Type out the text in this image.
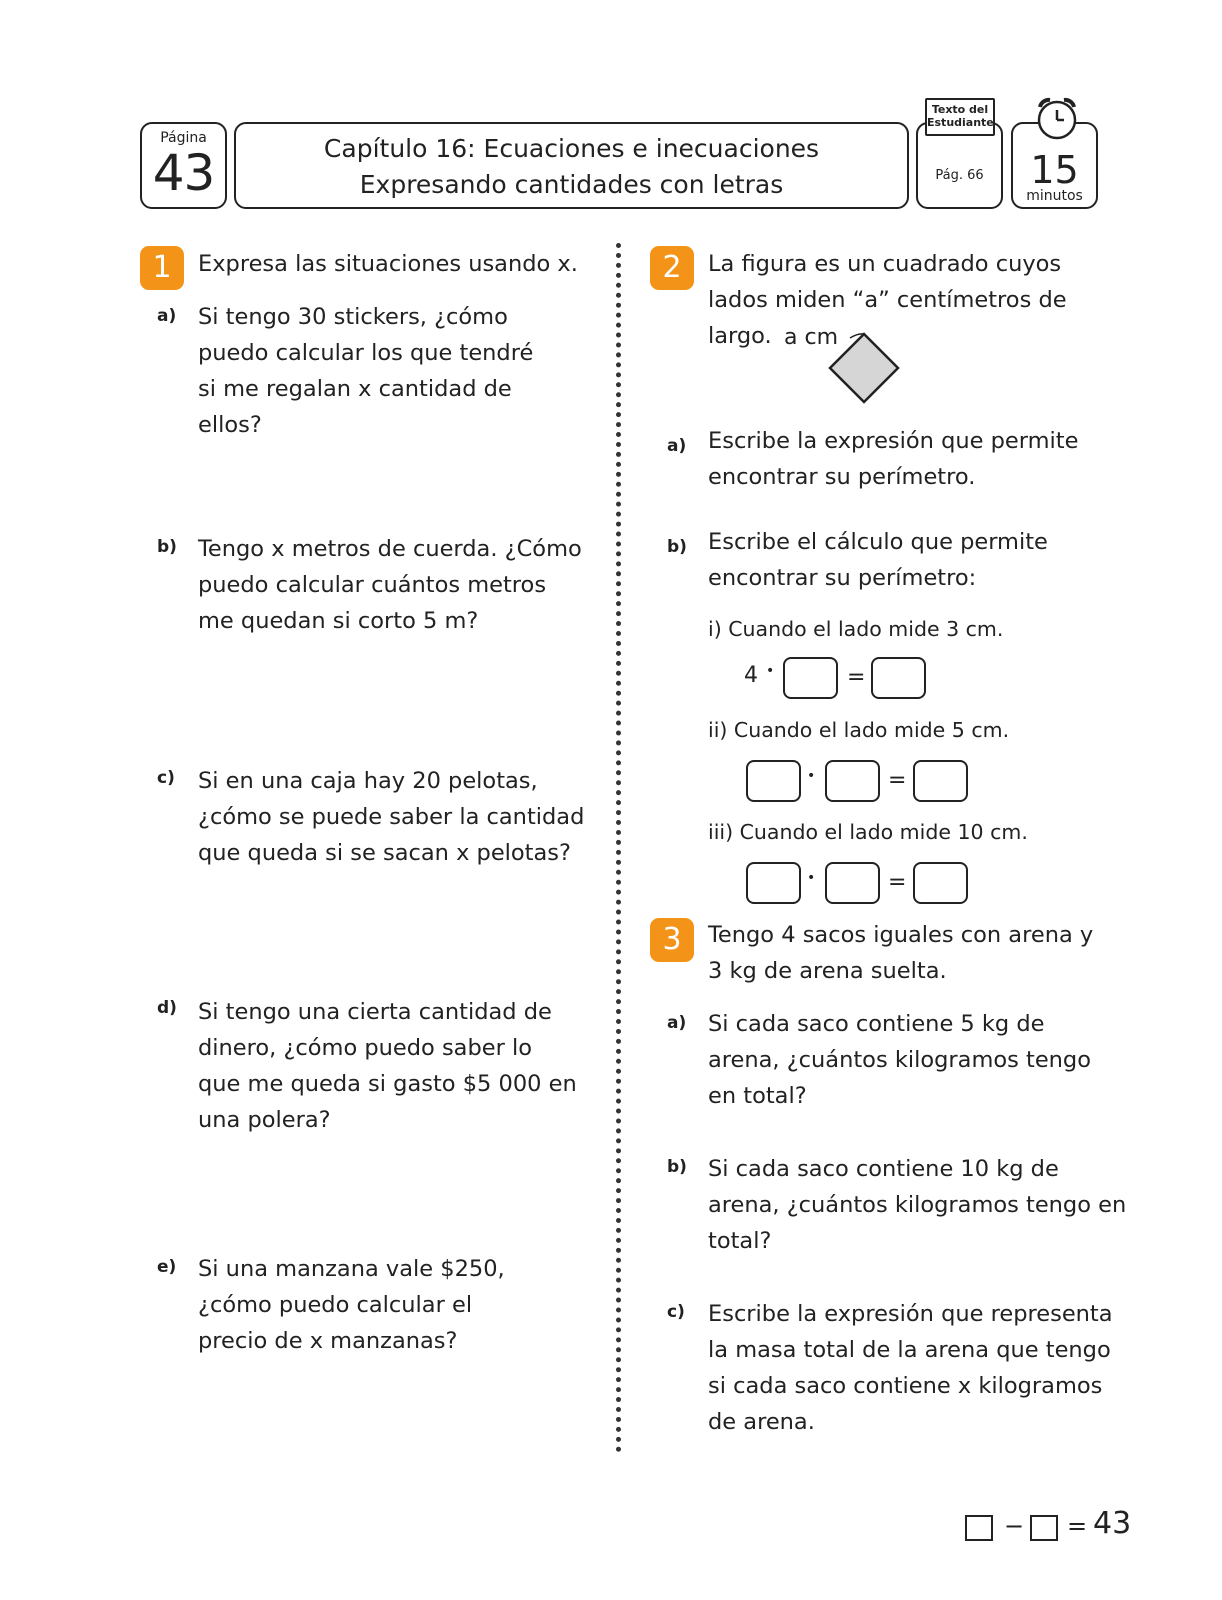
Página
43	Capítulo 16: Ecuaciones e inecuaciones
Expresando cantidades con letras	Pág. 66
Texto del
Estudiante
15
minutos
1	Expresa las situaciones usando x.
a) Si tengo 30 stickers, ¿cómo puedo calcular los que tendré si me regalan x cantidad de ellos?
b) Tengo x metros de cuerda. ¿Cómo puedo calcular cuántos metros me quedan si corto 5 m?
c) Si en una caja hay 20 pelotas, ¿cómo se puede saber la cantidad que queda si se sacan x pelotas?
d) Si tengo una cierta cantidad de dinero, ¿cómo puedo saber lo que me queda si gasto $5 000 en una polera?
e) Si una manzana vale $250, ¿cómo puedo calcular el precio de x manzanas?
2	La figura es un cuadrado cuyos lados miden “a” centímetros de largo. a cm
a) Escribe la expresión que permite encontrar su perímetro.
b) Escribe el cálculo que permite encontrar su perímetro:
i) Cuando el lado mide 3 cm.
4 •	=
ii) Cuando el lado mide 5 cm.
•	=
iii) Cuando el lado mide 10 cm.
•	=
3	Tengo 4 sacos iguales con arena y 3 kg de arena suelta.
a) Si cada saco contiene 5 kg de arena, ¿cuántos kilogramos tengo en total?
b) Si cada saco contiene 10 kg de arena, ¿cuántos kilogramos tengo en total?
c) Escribe la expresión que representa la masa total de la arena que tengo si cada saco contiene x kilogramos de arena.
− = 43
